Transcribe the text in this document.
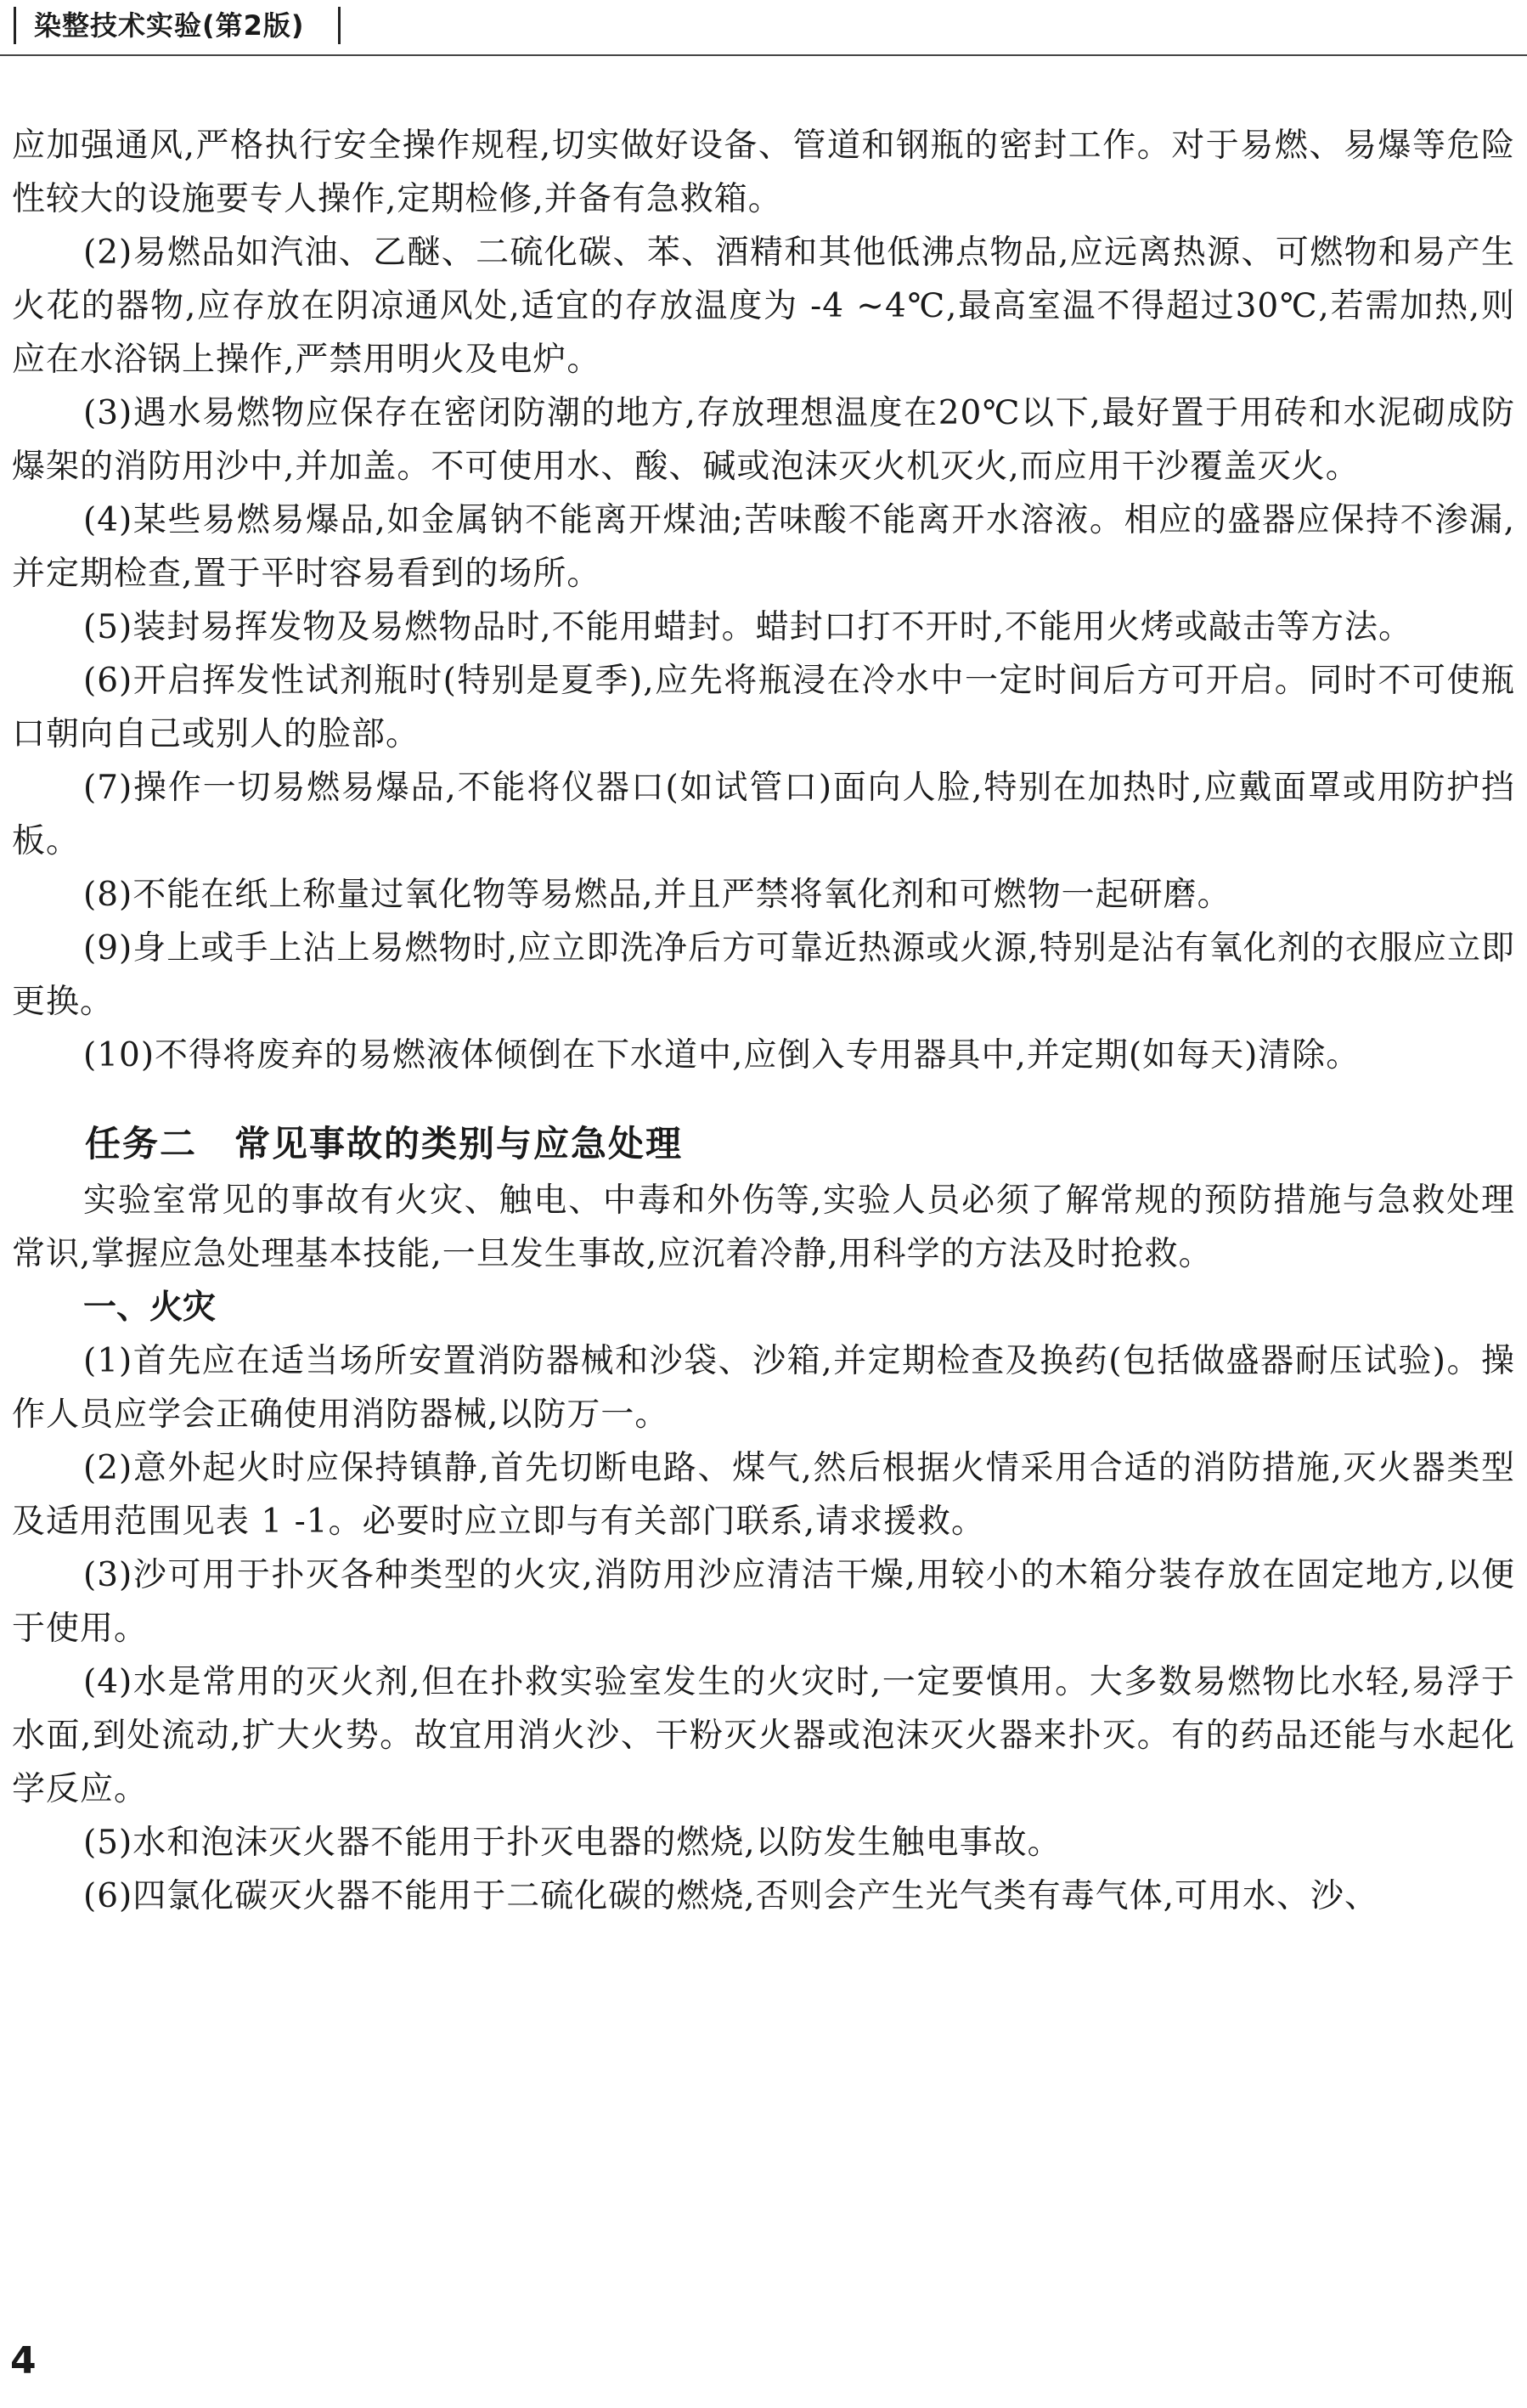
染整技术实验(第2版)

应加强通风,严格执行安全操作规程,切实做好设备、管道和钢瓶的密封工作。对于易燃、易爆等危险性较大的设施要专人操作,定期检修,并备有急救箱。

(2)易燃品如汽油、乙醚、二硫化碳、苯、酒精和其他低沸点物品,应远离热源、可燃物和易产生火花的器物,应存放在阴凉通风处,适宜的存放温度为 -4 ~4℃,最高室温不得超过30℃,若需加热,则应在水浴锅上操作,严禁用明火及电炉。

(3)遇水易燃物应保存在密闭防潮的地方,存放理想温度在20℃以下,最好置于用砖和水泥砌成防爆架的消防用沙中,并加盖。不可使用水、酸、碱或泡沫灭火机灭火,而应用干沙覆盖灭火。

(4)某些易燃易爆品,如金属钠不能离开煤油;苦味酸不能离开水溶液。相应的盛器应保持不渗漏,并定期检查,置于平时容易看到的场所。

(5)装封易挥发物及易燃物品时,不能用蜡封。蜡封口打不开时,不能用火烤或敲击等方法。

(6)开启挥发性试剂瓶时(特别是夏季),应先将瓶浸在冷水中一定时间后方可开启。同时不可使瓶口朝向自己或别人的脸部。

(7)操作一切易燃易爆品,不能将仪器口(如试管口)面向人脸,特别在加热时,应戴面罩或用防护挡板。

(8)不能在纸上称量过氧化物等易燃品,并且严禁将氧化剂和可燃物一起研磨。

(9)身上或手上沾上易燃物时,应立即洗净后方可靠近热源或火源,特别是沾有氧化剂的衣服应立即更换。

(10)不得将废弃的易燃液体倾倒在下水道中,应倒入专用器具中,并定期(如每天)清除。

任务二 常见事故的类别与应急处理

实验室常见的事故有火灾、触电、中毒和外伤等,实验人员必须了解常规的预防措施与急救处理常识,掌握应急处理基本技能,一旦发生事故,应沉着冷静,用科学的方法及时抢救。

一、火灾

(1)首先应在适当场所安置消防器械和沙袋、沙箱,并定期检查及换药(包括做盛器耐压试验)。操作人员应学会正确使用消防器械,以防万一。

(2)意外起火时应保持镇静,首先切断电路、煤气,然后根据火情采用合适的消防措施,灭火器类型及适用范围见表 1 -1。必要时应立即与有关部门联系,请求援救。

(3)沙可用于扑灭各种类型的火灾,消防用沙应清洁干燥,用较小的木箱分装存放在固定地方,以便于使用。

(4)水是常用的灭火剂,但在扑救实验室发生的火灾时,一定要慎用。大多数易燃物比水轻,易浮于水面,到处流动,扩大火势。故宜用消火沙、干粉灭火器或泡沫灭火器来扑灭。有的药品还能与水起化学反应。

(5)水和泡沫灭火器不能用于扑灭电器的燃烧,以防发生触电事故。

(6)四氯化碳灭火器不能用于二硫化碳的燃烧,否则会产生光气类有毒气体,可用水、沙、

4
